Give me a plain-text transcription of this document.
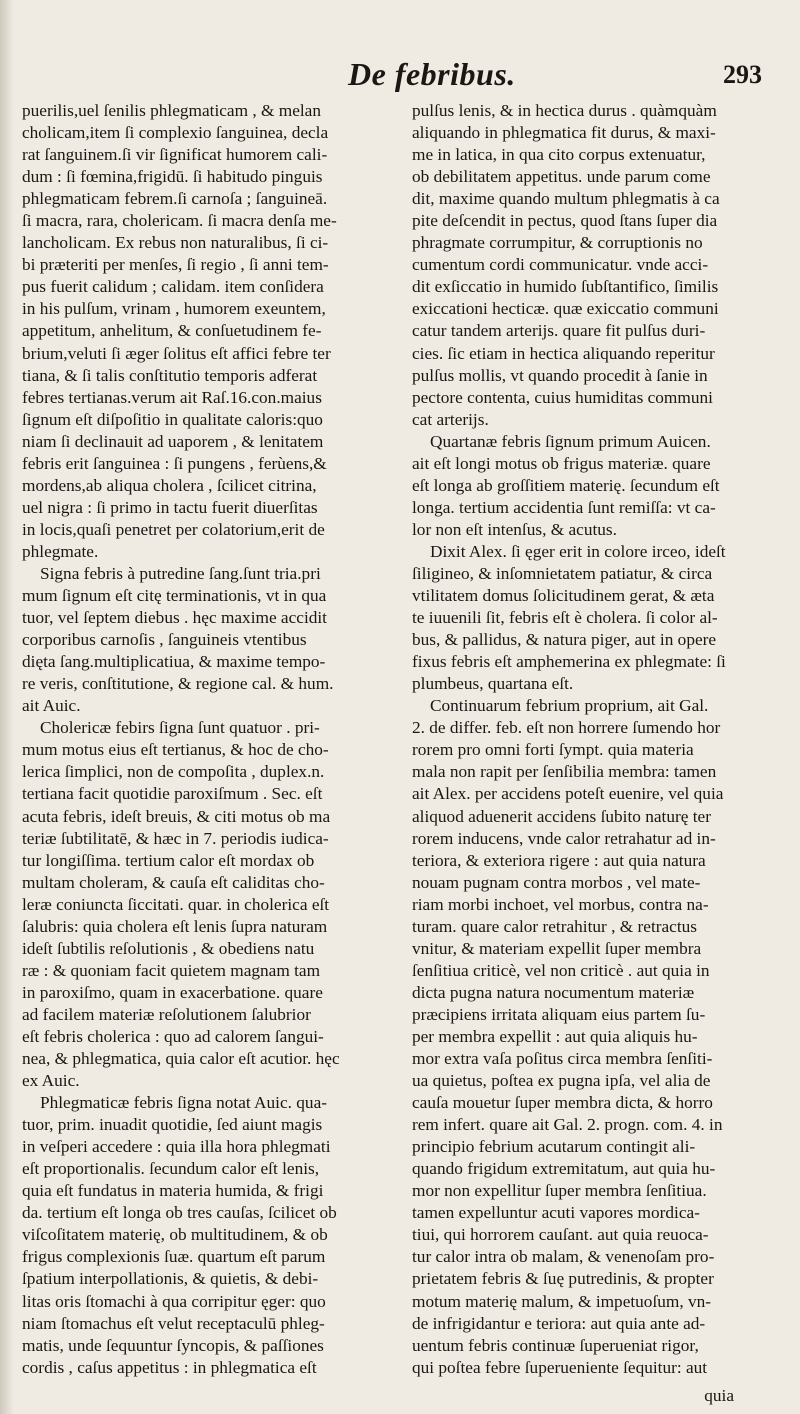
De febribus.	293
puerilis,uel ſenilis phlegmaticam , & melan
cholicam,item ſi complexio ſanguinea, decla
rat ſanguinem.ſi vir ſignificat humorem cali-
dum : ſi fœmina,frigidū. ſi habitudo pinguis
phlegmaticam febrem.ſi carnoſa ; ſanguineā.
ſi macra, rara, cholericam. ſi macra denſa me-
lancholicam. Ex rebus non naturalibus, ſi ci-
bi præteriti per menſes, ſi regio , ſi anni tem-
pus fuerit calidum ; calidam. item conſidera
in his pulſum, vrinam , humorem exeuntem,
appetitum, anhelitum, & conſuetudinem fe-
brium,veluti ſi æger ſolitus eſt affici febre ter
tiana, & ſi talis conſtitutio temporis adferat
febres tertianas.verum ait Raſ.16.con.maius
ſignum eſt diſpoſitio in qualitate caloris:quo
niam ſi declinauit ad uaporem , & lenitatem
febris erit ſanguinea : ſi pungens , ferùens,&
mordens,ab aliqua cholera , ſcilicet citrina,
uel nigra : ſi primo in tactu fuerit diuerſitas
in locis,quaſi penetret per colatorium,erit de
phlegmate.
Signa febris à putredine ſang.ſunt tria.pri
mum ſignum eſt citę terminationis, vt in qua
tuor, vel ſeptem diebus . hęc maxime accidit
corporibus carnoſis , ſanguineis vtentibus
dięta ſang.multiplicatiua, & maxime tempo-
re veris, conſtitutione, & regione cal. & hum.
ait Auic.
Cholericæ febirs ſigna ſunt quatuor . pri-
mum motus eius eſt tertianus, & hoc de cho-
lerica ſimplici, non de compoſita , duplex.n.
tertiana facit quotidie paroxiſmum . Sec. eſt
acuta febris, ideſt breuis, & citi motus ob ma
teriæ ſubtilitatē, & hæc in 7. periodis iudica-
tur longiſſima. tertium calor eſt mordax ob
multam choleram, & cauſa eſt caliditas cho-
leræ coniuncta ſiccitati. quar. in cholerica eſt
ſalubris: quia cholera eſt lenis ſupra naturam
ideſt ſubtilis reſolutionis , & obediens natu
ræ : & quoniam facit quietem magnam tam
in paroxiſmo, quam in exacerbatione. quare
ad facilem materiæ reſolutionem ſalubrior
eſt febris cholerica : quo ad calorem ſangui-
nea, & phlegmatica, quia calor eſt acutior. hęc
ex Auic.
Phlegmaticæ febris ſigna notat Auic. qua-
tuor, prim. inuadit quotidie, ſed aiunt magis
in veſperi accedere : quia illa hora phlegmati
eſt proportionalis. ſecundum calor eſt lenis,
quia eſt fundatus in materia humida, & frigi
da. tertium eſt longa ob tres cauſas, ſcilicet ob
viſcoſitatem materię, ob multitudinem, & ob
frigus complexionis ſuæ. quartum eſt parum
ſpatium interpollationis, & quietis, & debi-
litas oris ſtomachi à qua corripitur ęger: quo
niam ſtomachus eſt velut receptaculū phleg-
matis, unde ſequuntur ſyncopis, & paſſiones
cordis , caſus appetitus : in phlegmatica eſt
pulſus lenis, & in hectica durus . quàmquàm
aliquando in phlegmatica fit durus, & maxi-
me in latica, in qua cito corpus extenuatur,
ob debilitatem appetitus. unde parum come
dit, maxime quando multum phlegmatis à ca
pite deſcendit in pectus, quod ſtans ſuper dia
phragmate corrumpitur, & corruptionis no
cumentum cordi communicatur. vnde acci-
dit exſiccatio in humido ſubſtantifico, ſimilis
exiccationi hecticæ. quæ exiccatio communi
catur tandem arterijs. quare fit pulſus duri-
cies. ſic etiam in hectica aliquando reperitur
pulſus mollis, vt quando procedit à ſanie in
pectore contenta, cuius humiditas communi
cat arterijs.
Quartanæ febris ſignum primum Auicen.
ait eſt longi motus ob frigus materiæ. quare
eſt longa ab groſſitiem materię. ſecundum eſt
longa. tertium accidentia ſunt remiſſa: vt ca-
lor non eſt intenſus, & acutus.
Dixit Alex. ſi ęger erit in colore irceo, ideſt
ſiligineo, & inſomnietatem patiatur, & circa
vtilitatem domus ſolicitudinem gerat, & æta
te iuuenili ſit, febris eſt è cholera. ſi color al-
bus, & pallidus, & natura piger, aut in opere
fixus febris eſt amphemerina ex phlegmate: ſi
plumbeus, quartana eſt.
Continuarum febrium proprium, ait Gal.
2. de differ. feb. eſt non horrere ſumendo hor
rorem pro omni forti ſympt. quia materia
mala non rapit per ſenſibilia membra: tamen
ait Alex. per accidens poteſt euenire, vel quia
aliquod aduenerit accidens ſubito naturę ter
rorem inducens, vnde calor retrahatur ad in-
teriora, & exteriora rigere : aut quia natura
nouam pugnam contra morbos , vel mate-
riam morbi inchoet, vel morbus, contra na-
turam. quare calor retrahitur , & retractus
vnitur, & materiam expellit ſuper membra
ſenſitiua criticè, vel non criticè . aut quia in
dicta pugna natura nocumentum materiæ
præcipiens irritata aliquam eius partem ſu-
per membra expellit : aut quia aliquis hu-
mor extra vaſa poſitus circa membra ſenſiti-
ua quietus, poſtea ex pugna ipſa, vel alia de
cauſa mouetur ſuper membra dicta, & horro
rem infert. quare ait Gal. 2. progn. com. 4. in
principio febrium acutarum contingit ali-
quando frigidum extremitatum, aut quia hu-
mor non expellitur ſuper membra ſenſitiua.
tamen expelluntur acuti vapores mordica-
tiui, qui horrorem cauſant. aut quia reuoca-
tur calor intra ob malam, & venenoſam pro-
prietatem febris & ſuę putredinis, & propter
motum materię malum, & impetuoſum, vn-
de infrigidantur e teriora: aut quia ante ad-
uentum febris continuæ ſuperueniat rigor,
qui poſtea febre ſuperueniente ſequitur: aut
quia
